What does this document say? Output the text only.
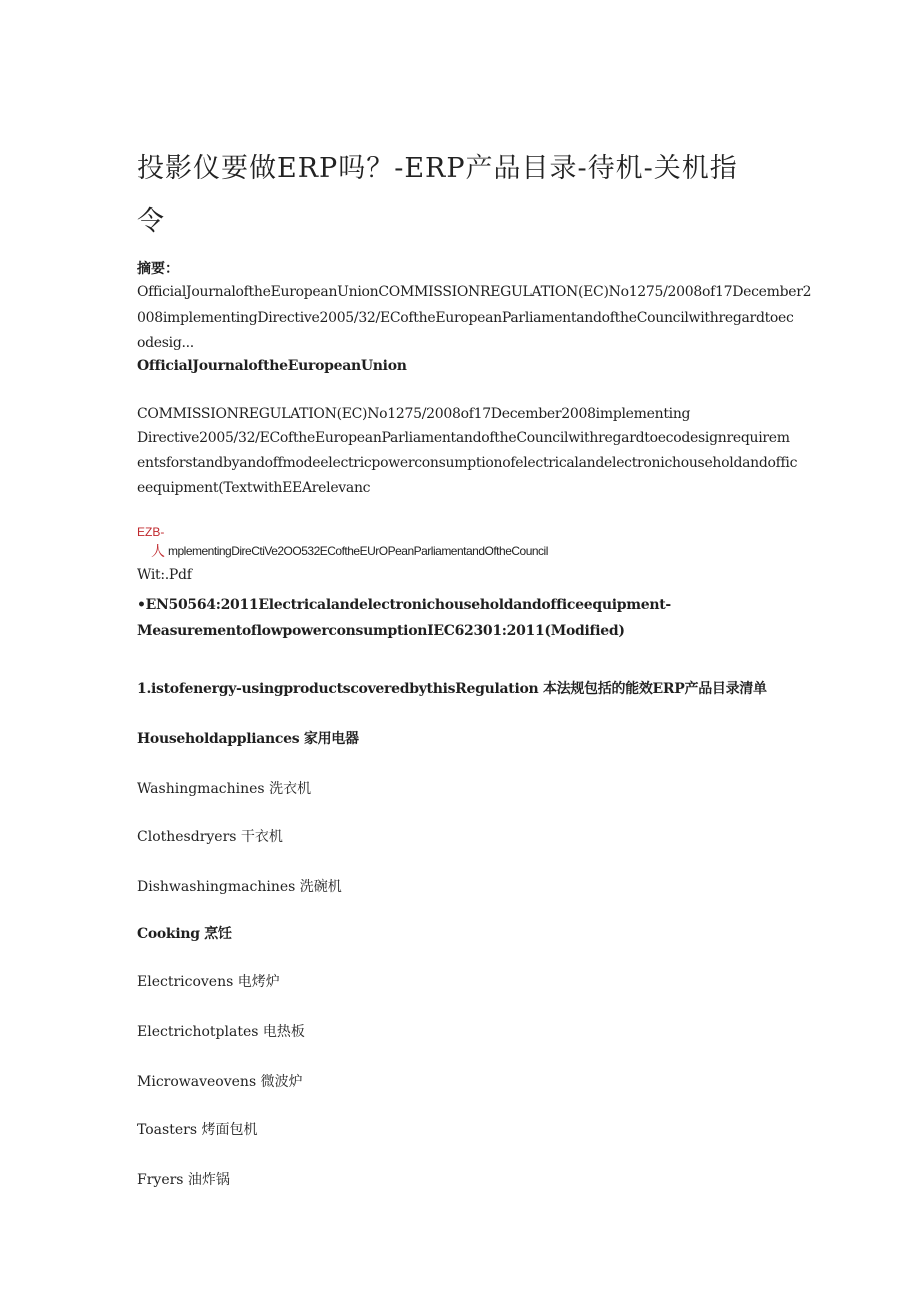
投影仪要做ERP吗？-ERP产品目录-待机-关机指
令
摘要：
OfficialJournaloftheEuropeanUnionCOMMISSIONREGULATION(EC)No1275/2008of17December2
008implementingDirective2005/32/ECoftheEuropeanParliamentandoftheCouncilwithregardtoec
odesig...
OfficialJournaloftheEuropeanUnion
COMMISSIONREGULATION(EC)No1275/2008of17December2008implementing
Directive2005/32/ECoftheEuropeanParliamentandoftheCouncilwithregardtoecodesignrequirem
entsforstandbyandoffmodeelectricpowerconsumptionofelectricalandelectronichouseholdandoffic
eequipment(TextwithEEArelevanc
EZB-
人 mplementingDireCtiVe2OO532ECoftheEUrOPeanParliamentandOftheCouncil
Wit:.Pdf
•EN50564:2011Electricalandelectronichouseholdandofficeequipment-
MeasurementoflowpowerconsumptionIEC62301:2011(Modified)
1.istofenergy-usingproductscoveredbythisRegulation 本法规包括的能效ERP产品目录清单
Householdappliances 家用电器
Washingmachines 洗衣机
Clothesdryers 干衣机
Dishwashingmachines 洗碗机
Cooking 烹饪
Electricovens 电烤炉
Electrichotplates 电热板
Microwaveovens 微波炉
Toasters 烤面包机
Fryers 油炸锅
